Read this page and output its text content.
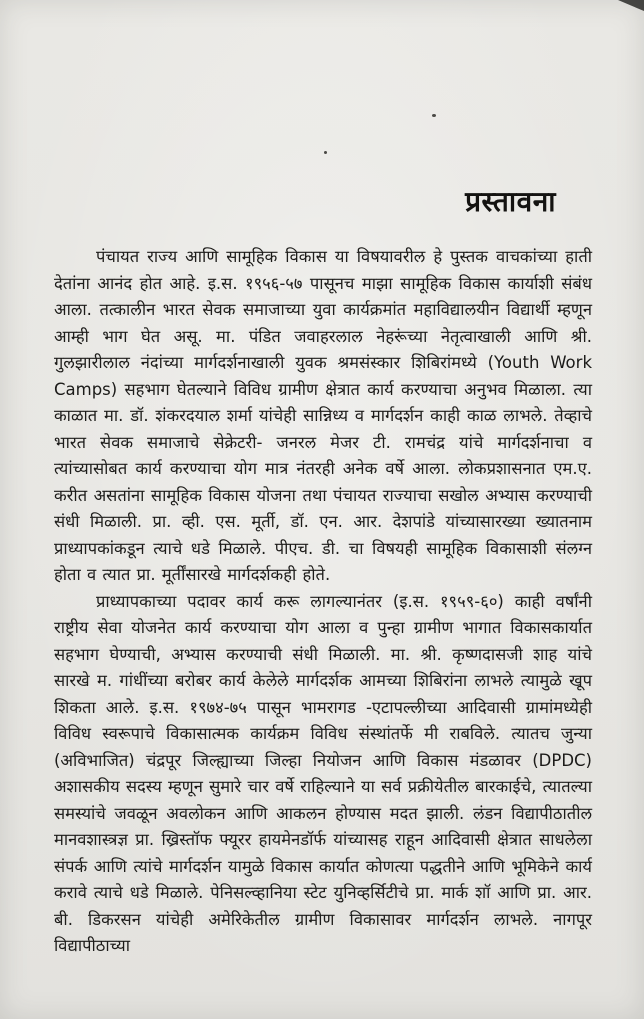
प्रस्तावना

पंचायत राज्य आणि सामूहिक विकास या विषयावरील हे पुस्तक वाचकांच्या हाती देतांना आनंद होत आहे. इ.स. १९५६-५७ पासूनच माझा सामूहिक विकास कार्याशी संबंध आला. तत्कालीन भारत सेवक समाजाच्या युवा कार्यक्रमांत महाविद्यालयीन विद्यार्थी म्हणून आम्ही भाग घेत असू. मा. पंडित जवाहरलाल नेहरूंच्या नेतृत्वाखाली आणि श्री. गुलझारीलाल नंदांच्या मार्गदर्शनाखाली युवक श्रमसंस्कार शिबिरांमध्ये (Youth Work Camps) सहभाग घेतल्याने विविध ग्रामीण क्षेत्रात कार्य करण्याचा अनुभव मिळाला. त्या काळात मा. डॉ. शंकरदयाल शर्मा यांचेही सान्निध्य व मार्गदर्शन काही काळ लाभले. तेव्हाचे भारत सेवक समाजाचे सेक्रेटरी- जनरल मेजर टी. रामचंद्र यांचे मार्गदर्शनाचा व त्यांच्यासोबत कार्य करण्याचा योग मात्र नंतरही अनेक वर्षे आला. लोकप्रशासनात एम.ए. करीत असतांना सामूहिक विकास योजना तथा पंचायत राज्याचा सखोल अभ्यास करण्याची संधी मिळाली. प्रा. व्ही. एस. मूर्ती, डॉ. एन. आर. देशपांडे यांच्यासारख्या ख्यातनाम प्राध्यापकांकडून त्याचे धडे मिळाले. पीएच. डी. चा विषयही सामूहिक विकासाशी संलग्न होता व त्यात प्रा. मूर्तींसारखे मार्गदर्शकही होते.

प्राध्यापकाच्या पदावर कार्य करू लागल्यानंतर (इ.स. १९५९-६०) काही वर्षांनी राष्ट्रीय सेवा योजनेत कार्य करण्याचा योग आला व पुन्हा ग्रामीण भागात विकासकार्यात सहभाग घेण्याची, अभ्यास करण्याची संधी मिळाली. मा. श्री. कृष्णदासजी शाह यांचे सारखे म. गांधींच्या बरोबर कार्य केलेले मार्गदर्शक आमच्या शिबिरांना लाभले त्यामुळे खूप शिकता आले. इ.स. १९७४-७५ पासून भामरागड -एटापल्लीच्या आदिवासी ग्रामांमध्येही विविध स्वरूपाचे विकासात्मक कार्यक्रम विविध संस्थांतर्फे मी राबविले. त्यातच जुन्या (अविभाजित) चंद्रपूर जिल्ह्याच्या जिल्हा नियोजन आणि विकास मंडळावर (DPDC) अशासकीय सदस्य म्हणून सुमारे चार वर्षे राहिल्याने या सर्व प्रक्रीयेतील बारकाईचे, त्यातल्या समस्यांचे जवळून अवलोकन आणि आकलन होण्यास मदत झाली. लंडन विद्यापीठातील मानवशास्त्रज्ञ प्रा. ख्रिस्तॉफ फ्यूरर हायमेनडॉर्फ यांच्यासह राहून आदिवासी क्षेत्रात साधलेला संपर्क आणि त्यांचे मार्गदर्शन यामुळे विकास कार्यात कोणत्या पद्धतीने आणि भूमिकेने कार्य करावे त्याचे धडे मिळाले. पेनिसल्व्हानिया स्टेट युनिव्हर्सिटीचे प्रा. मार्क शॉ आणि प्रा. आर. बी. डिकरसन यांचेही अमेरिकेतील ग्रामीण विकासावर मार्गदर्शन लाभले. नागपूर विद्यापीठाच्या
